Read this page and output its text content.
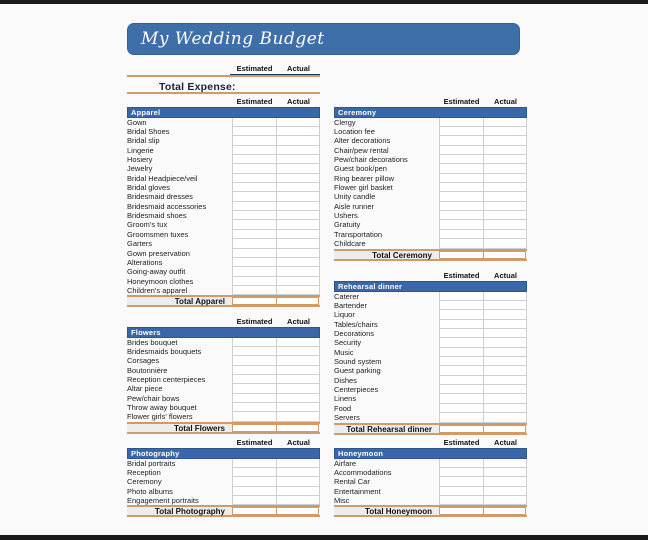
My Wedding Budget
Estimated	Actual
Total Expense:
Estimated	Actual
Apparel
Gown
Bridal Shoes
Bridal slip
Lingerie
Hosiery
Jewelry
Bridal Headpiece/veil
Bridal gloves
Bridesmaid dresses
Bridesmaid accessories
Bridesmaid shoes
Groom's tux
Groomsmen tuxes
Garters
Gown preservation
Alterations
Going-away outfit
Honeymoon clothes
Children's apparel
Total Apparel
Estimated	Actual
Flowers
Brides bouquet
Bridesmaids bouquets
Corsages
Boutonnière
Reception centerpieces
Altar piece
Pew/chair bows
Throw away bouquet
Flower girls' flowers
Total Flowers
Estimated	Actual
Photography
Bridal portraits
Reception
Ceremony
Photo albums
Engagement portraits
Total Photography
Estimated	Actual
Ceremony
Clergy
Location fee
Alter decorations
Chair/pew rental
Pew/chair decorations
Guest book/pen
Ring bearer pillow
Flower girl basket
Unity candle
Aisle runner
Ushers
Gratuity
Transportation
Childcare
Total Ceremony
Estimated	Actual
Rehearsal dinner
Caterer
Bartender
Liquor
Tables/chairs
Decorations
Security
Music
Sound system
Guest parking
Dishes
Centerpieces
Linens
Food
Servers
Total Rehearsal dinner
Estimated	Actual
Honeymoon
Airfare
Accommodations
Rental Car
Entertainment
Misc
Total Honeymoon
